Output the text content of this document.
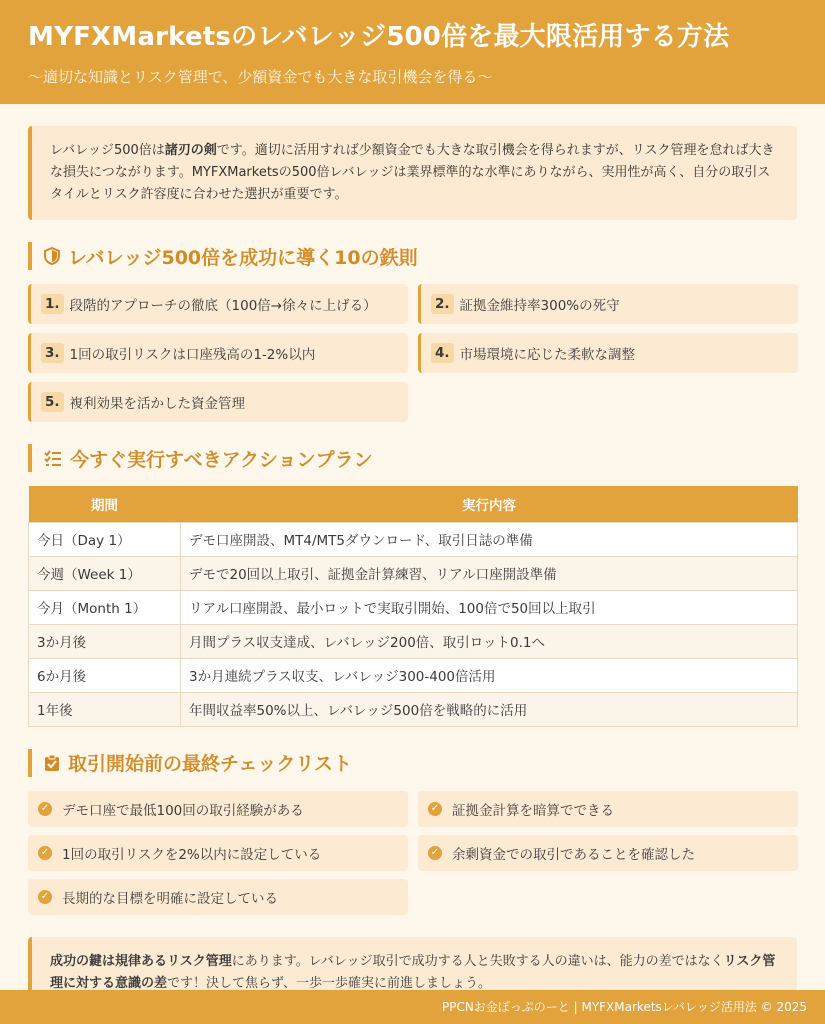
MYFXMarketsのレバレッジ500倍を最大限活用する方法
〜適切な知識とリスク管理で、少額資金でも大きな取引機会を得る〜
レバレッジ500倍は諸刃の剣です。適切に活用すれば少額資金でも大きな取引機会を得られますが、リスク管理を怠れば大きな損失につながります。MYFXMarketsの500倍レバレッジは業界標準的な水準にありながら、実用性が高く、自分の取引スタイルとリスク許容度に合わせた選択が重要です。
レバレッジ500倍を成功に導く10の鉄則
1. 段階的アプローチの徹底（100倍→徐々に上げる）	2. 証拠金維持率300%の死守
3. 1回の取引リスクは口座残高の1-2%以内	4. 市場環境に応じた柔軟な調整
5. 複利効果を活かした資金管理
今すぐ実行すべきアクションプラン
期間	実行内容
今日（Day 1）	デモ口座開設、MT4/MT5ダウンロード、取引日誌の準備
今週（Week 1）	デモで20回以上取引、証拠金計算練習、リアル口座開設準備
今月（Month 1）	リアル口座開設、最小ロットで実取引開始、100倍で50回以上取引
3か月後	月間プラス収支達成、レバレッジ200倍、取引ロット0.1へ
6か月後	3か月連続プラス収支、レバレッジ300-400倍活用
1年後	年間収益率50%以上、レバレッジ500倍を戦略的に活用
取引開始前の最終チェックリスト
✓ デモ口座で最低100回の取引経験がある	✓ 証拠金計算を暗算でできる
✓ 1回の取引リスクを2%以内に設定している	✓ 余剰資金での取引であることを確認した
✓ 長期的な目標を明確に設定している
成功の鍵は規律あるリスク管理にあります。レバレッジ取引で成功する人と失敗する人の違いは、能力の差ではなくリスク管理に対する意識の差です！決して焦らず、一歩一歩確実に前進しましょう。
PPCNお金ぽっぷのーと | MYFXMarketsレバレッジ活用法 © 2025
